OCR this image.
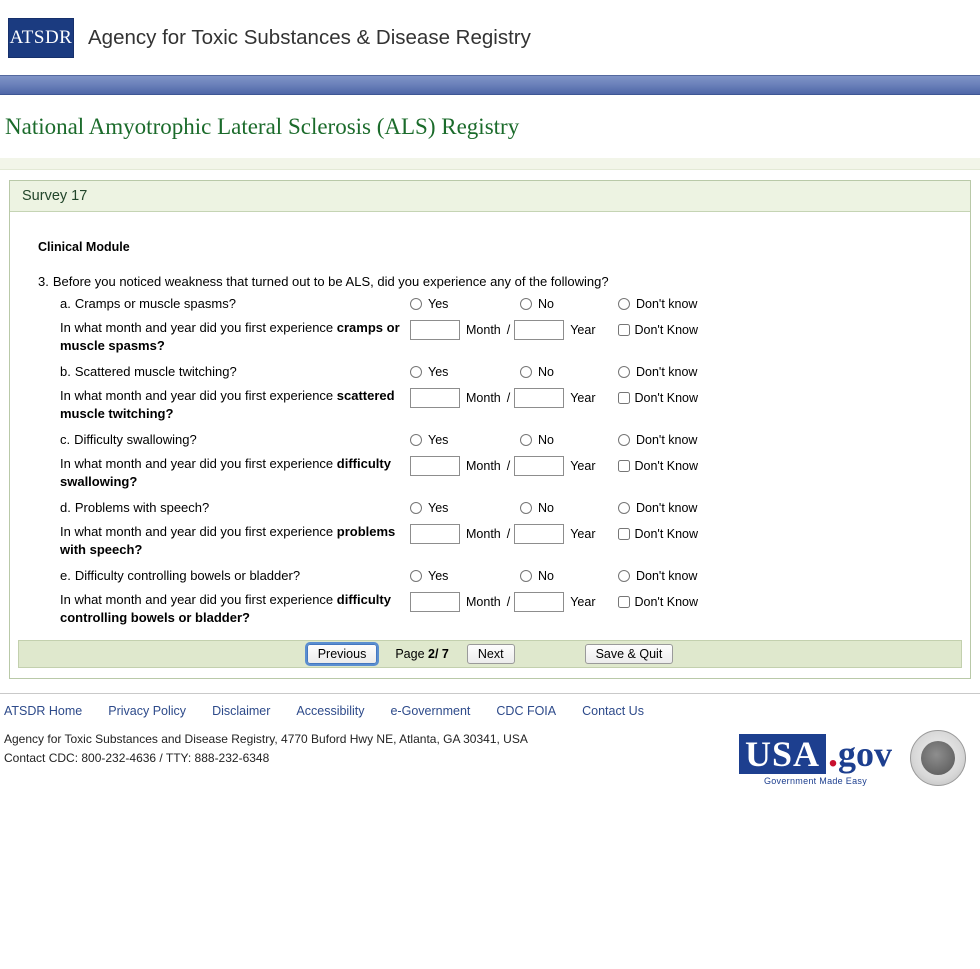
ATSDR Agency for Toxic Substances & Disease Registry
National Amyotrophic Lateral Sclerosis (ALS) Registry
Survey 17
Clinical Module
3. Before you noticed weakness that turned out to be ALS, did you experience any of the following?
a. Cramps or muscle spasms?	Yes	No	Don't know
In what month and year did you first experience cramps or muscle spasms?
Month /	Year	Don't Know
b. Scattered muscle twitching?	Yes	No	Don't know
In what month and year did you first experience scattered muscle twitching?
Month /	Year	Don't Know
c. Difficulty swallowing?	Yes	No	Don't know
In what month and year did you first experience difficulty swallowing?
Month /	Year	Don't Know
d. Problems with speech?	Yes	No	Don't know
In what month and year did you first experience problems with speech?
Month /	Year	Don't Know
e. Difficulty controlling bowels or bladder?	Yes	No	Don't know
In what month and year did you first experience difficulty controlling bowels or bladder?
Month /	Year	Don't Know
Previous	Page 2/ 7	Next	Save & Quit
ATSDR Home Privacy Policy Disclaimer Accessibility e-Government CDC FOIA Contact Us
Agency for Toxic Substances and Disease Registry, 4770 Buford Hwy NE, Atlanta, GA 30341, USA
Contact CDC: 800-232-4636 / TTY: 888-232-6348	USA . gov
Government Made Easy
